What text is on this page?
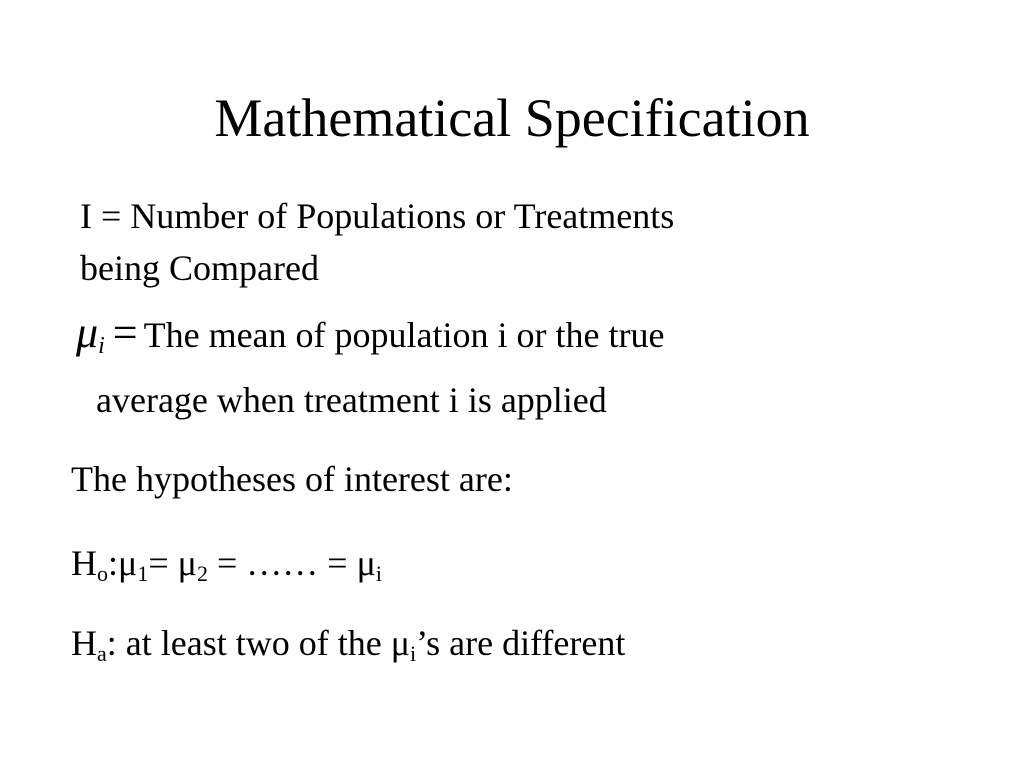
Mathematical Specification
I = Number of Populations or Treatments
being Compared
$\mu_i$ = The mean of population i or the true
average when treatment i is applied
The hypotheses of interest are:
$H_o:\mu_1= \mu_2$ = …… = $\mu_i$
$H_a$: at least two of the $\mu_i’s$ are different
